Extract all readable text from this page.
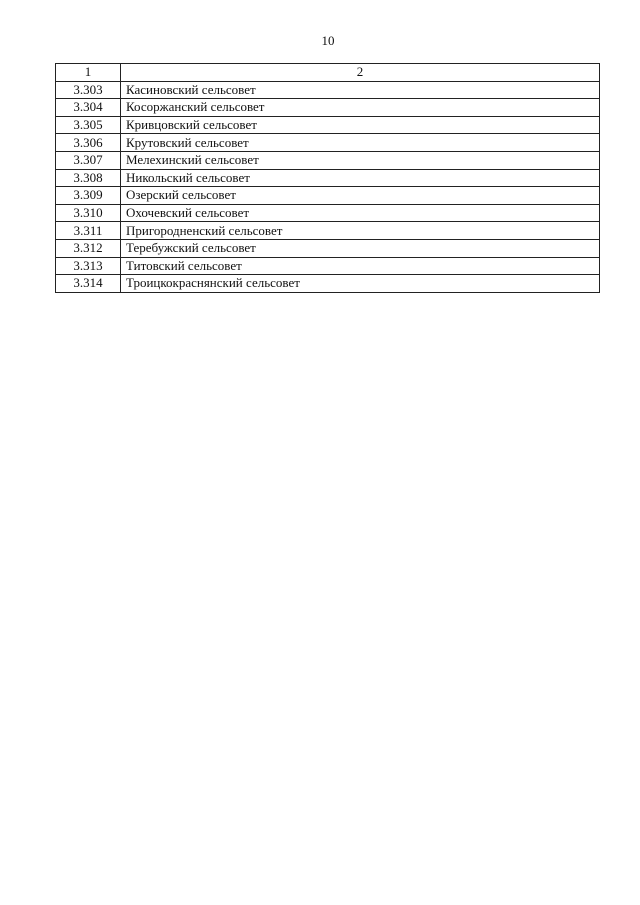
10
1	2
3.303	Касиновский сельсовет
3.304	Косоржанский сельсовет
3.305	Кривцовский сельсовет
3.306	Крутовский сельсовет
3.307	Мелехинский сельсовет
3.308	Никольский сельсовет
3.309	Озерский сельсовет
3.310	Охочевский сельсовет
3.311	Пригородненский сельсовет
3.312	Теребужский сельсовет
3.313	Титовский сельсовет
3.314	Троицкокраснянский сельсовет
